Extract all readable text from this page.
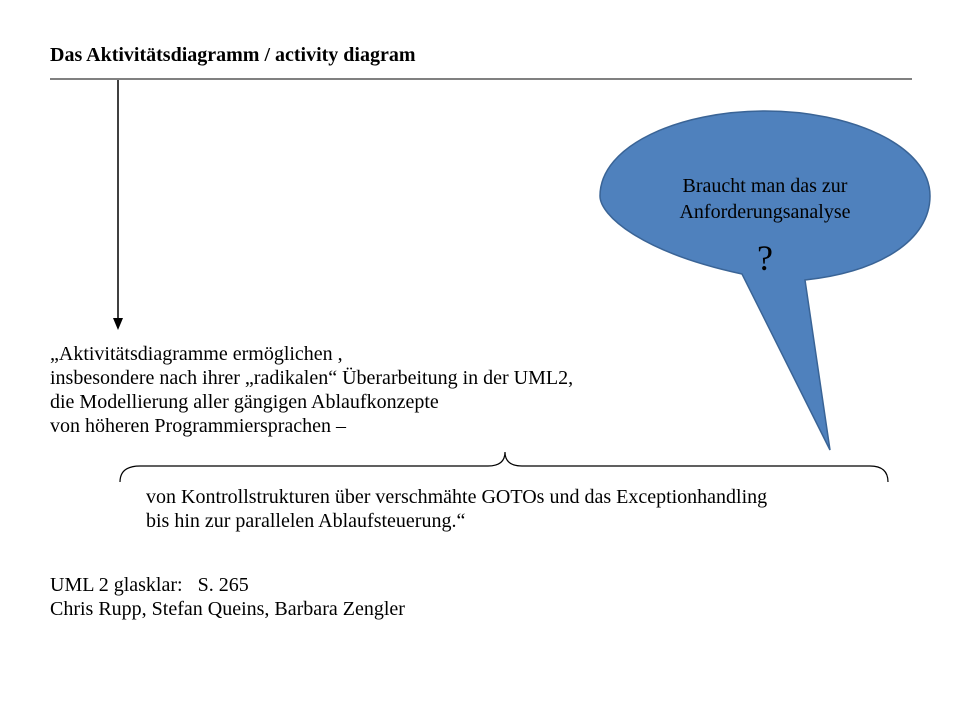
Das Aktivitätsdiagramm / activity diagram
Braucht man das zur
Anforderungsanalyse
?
„Aktivitätsdiagramme ermöglichen ,
insbesondere nach ihrer „radikalen“ Überarbeitung in der UML2,
die Modellierung aller gängigen Ablaufkonzepte
von höheren Programmiersprachen –
von Kontrollstrukturen über verschmähte GOTOs und das Exceptionhandling
bis hin zur parallelen Ablaufsteuerung.“
UML 2 glasklar:   S. 265
Chris Rupp, Stefan Queins, Barbara Zengler
